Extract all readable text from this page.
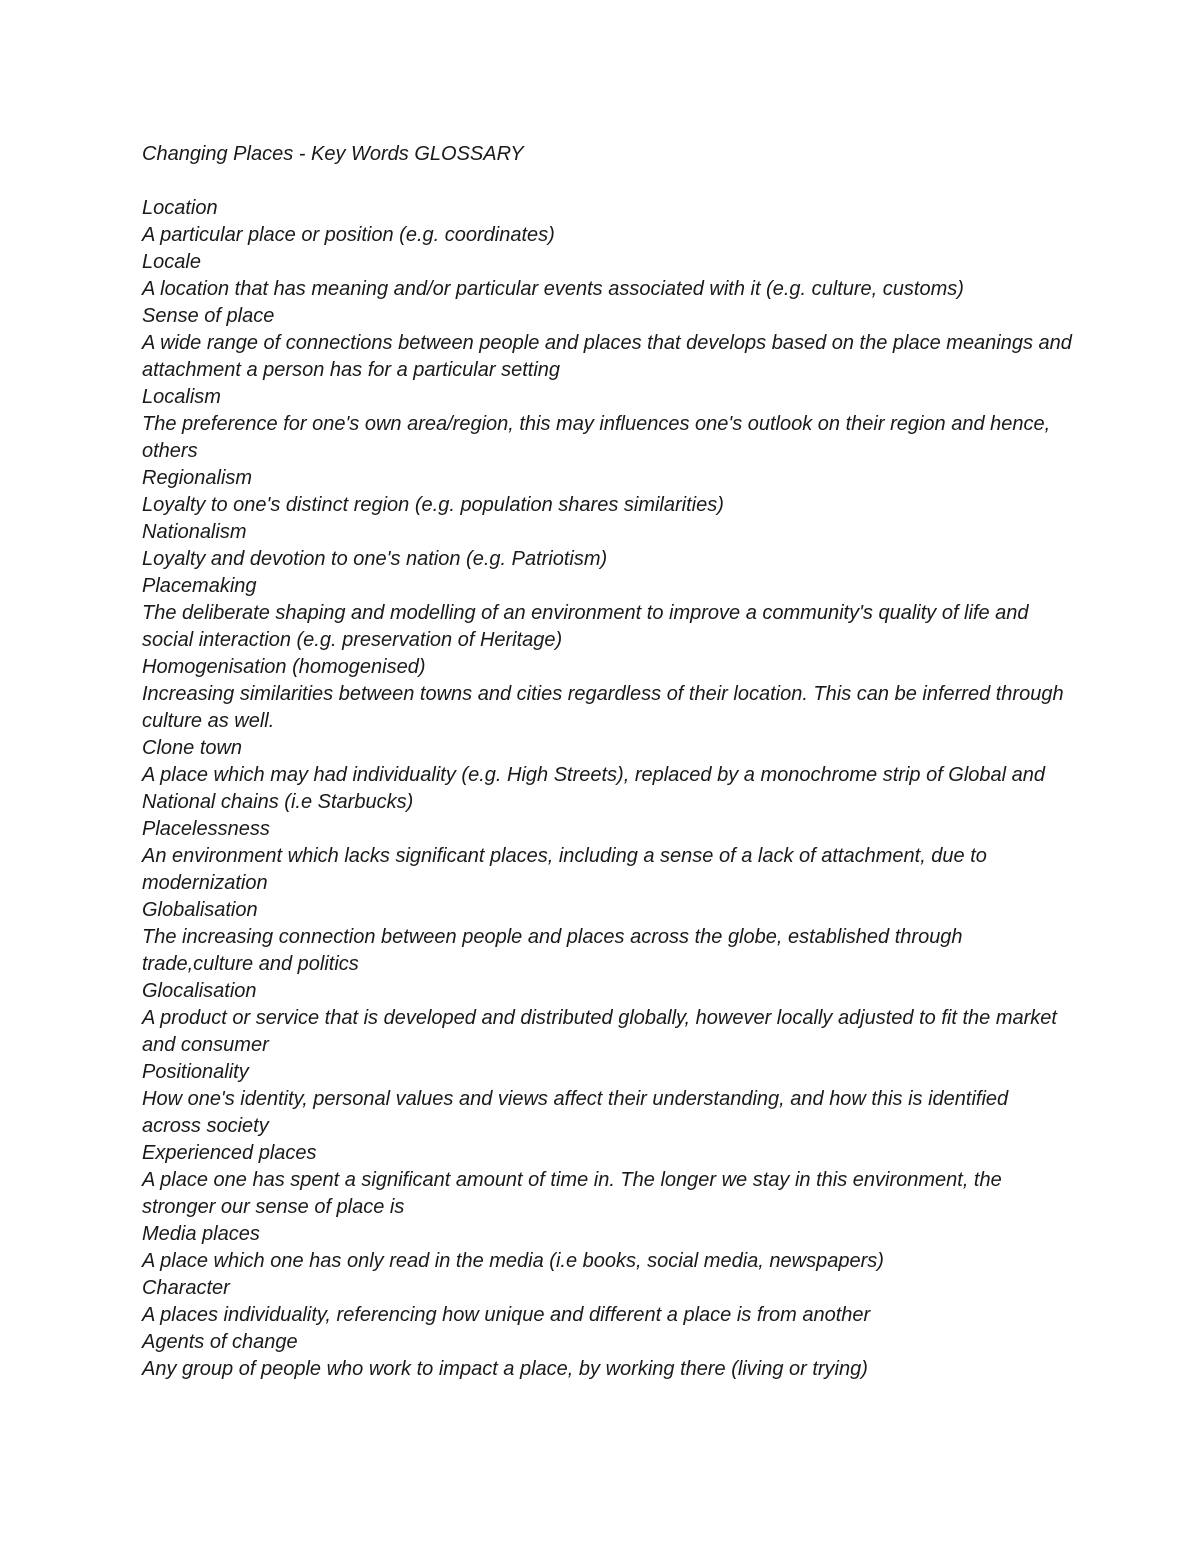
Changing Places - Key Words GLOSSARY

Location
A particular place or position (e.g. coordinates)
Locale
A location that has meaning and/or particular events associated with it (e.g. culture, customs)
Sense of place
A wide range of connections between people and places that develops based on the place meanings and attachment a person has for a particular setting
Localism
The preference for one's own area/region, this may influences one's outlook on their region and hence, others
Regionalism
Loyalty to one's distinct region (e.g. population shares similarities)
Nationalism
Loyalty and devotion to one's nation (e.g. Patriotism)
Placemaking
The deliberate shaping and modelling of an environment to improve a community's quality of life and social interaction (e.g. preservation of Heritage)
Homogenisation (homogenised)
Increasing similarities between towns and cities regardless of their location. This can be inferred through culture as well.
Clone town
A place which may had individuality (e.g. High Streets), replaced by a monochrome strip of Global and National chains (i.e Starbucks)
Placelessness
An environment which lacks significant places, including a sense of a lack of attachment, due to modernization
Globalisation
The increasing connection between people and places across the globe, established through trade,culture and politics
Glocalisation
A product or service that is developed and distributed globally, however locally adjusted to fit the market and consumer
Positionality
How one's identity, personal values and views affect their understanding, and how this is identified across society
Experienced places
A place one has spent a significant amount of time in. The longer we stay in this environment, the stronger our sense of place is
Media places
A place which one has only read in the media (i.e books, social media, newspapers)
Character
A places individuality, referencing how unique and different a place is from another
Agents of change
Any group of people who work to impact a place, by working there (living or trying)
